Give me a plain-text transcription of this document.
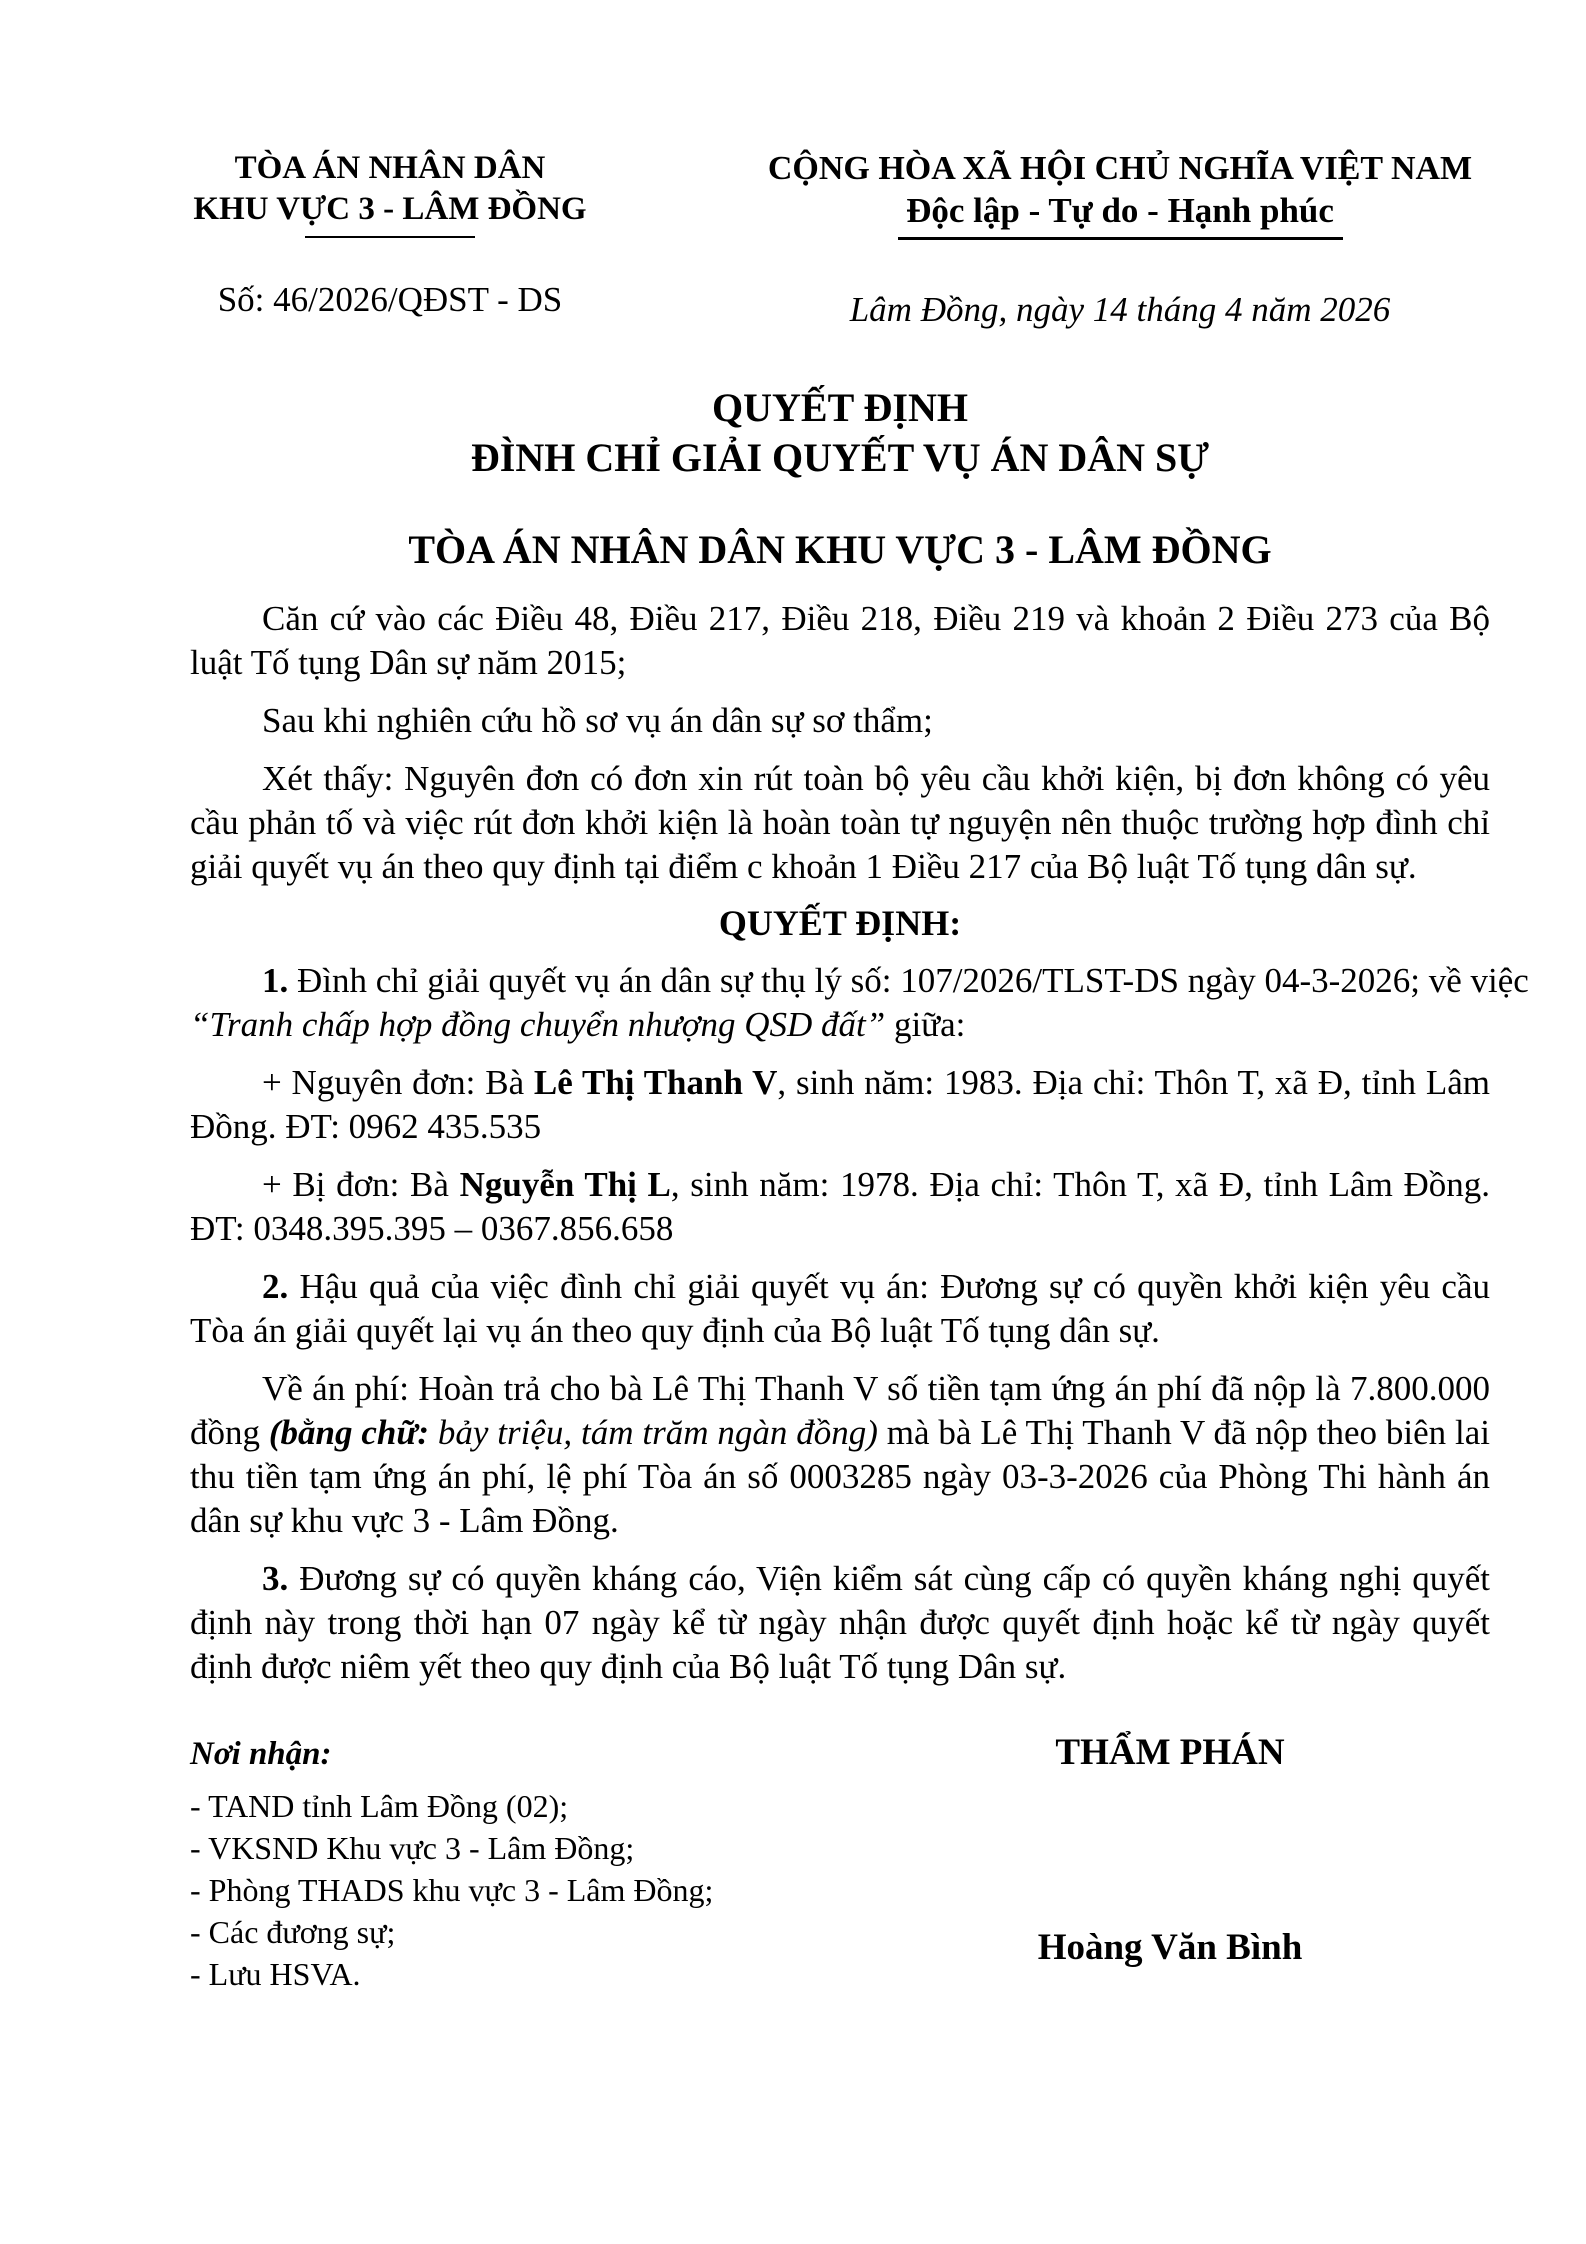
TÒA ÁN NHÂN DÂN
KHU VỰC 3 - LÂM ĐỒNG
Số: 46/2026/QĐST - DS
CỘNG HÒA XÃ HỘI CHỦ NGHĨA VIỆT NAM
Độc lập - Tự do - Hạnh phúc
Lâm Đồng, ngày 14 tháng 4 năm 2026
QUYẾT ĐỊNH
ĐÌNH CHỈ GIẢI QUYẾT VỤ ÁN DÂN SỰ
TÒA ÁN NHÂN DÂN KHU VỰC 3 - LÂM ĐỒNG

Căn cứ vào các Điều 48, Điều 217, Điều 218, Điều 219 và khoản 2 Điều 273 của Bộ luật Tố tụng Dân sự năm 2015;

Sau khi nghiên cứu hồ sơ vụ án dân sự sơ thẩm;

Xét thấy: Nguyên đơn có đơn xin rút toàn bộ yêu cầu khởi kiện, bị đơn không có yêu cầu phản tố và việc rút đơn khởi kiện là hoàn toàn tự nguyện nên thuộc trường hợp đình chỉ giải quyết vụ án theo quy định tại điểm c khoản 1 Điều 217 của Bộ luật Tố tụng dân sự.

QUYẾT ĐỊNH:
1. Đình chỉ giải quyết vụ án dân sự thụ lý số: 107/2026/TLST-DS ngày 04-3-2026; về việc
“Tranh chấp hợp đồng chuyển nhượng QSD đất” giữa:

+ Nguyên đơn: Bà Lê Thị Thanh V, sinh năm: 1983. Địa chỉ: Thôn T, xã Đ, tỉnh Lâm Đồng. ĐT: 0962 435.535

+ Bị đơn: Bà Nguyễn Thị L, sinh năm: 1978. Địa chỉ: Thôn T, xã Đ, tỉnh Lâm Đồng. ĐT: 0348.395.395 – 0367.856.658

2. Hậu quả của việc đình chỉ giải quyết vụ án: Đương sự có quyền khởi kiện yêu cầu Tòa án giải quyết lại vụ án theo quy định của Bộ luật Tố tụng dân sự.

Về án phí: Hoàn trả cho bà Lê Thị Thanh V số tiền tạm ứng án phí đã nộp là 7.800.000 đồng (bằng chữ: bảy triệu, tám trăm ngàn đồng) mà bà Lê Thị Thanh V đã nộp theo biên lai thu tiền tạm ứng án phí, lệ phí Tòa án số 0003285 ngày 03-3-2026 của Phòng Thi hành án dân sự khu vực 3 - Lâm Đồng.

3. Đương sự có quyền kháng cáo, Viện kiểm sát cùng cấp có quyền kháng nghị quyết định này trong thời hạn 07 ngày kể từ ngày nhận được quyết định hoặc kể từ ngày quyết định được niêm yết theo quy định của Bộ luật Tố tụng Dân sự.

Nơi nhận:
- TAND tỉnh Lâm Đồng (02);
- VKSND Khu vực 3 - Lâm Đồng;
- Phòng THADS khu vực 3 - Lâm Đồng;
- Các đương sự;
- Lưu HSVA.
THẨM PHÁN
Hoàng Văn Bình
